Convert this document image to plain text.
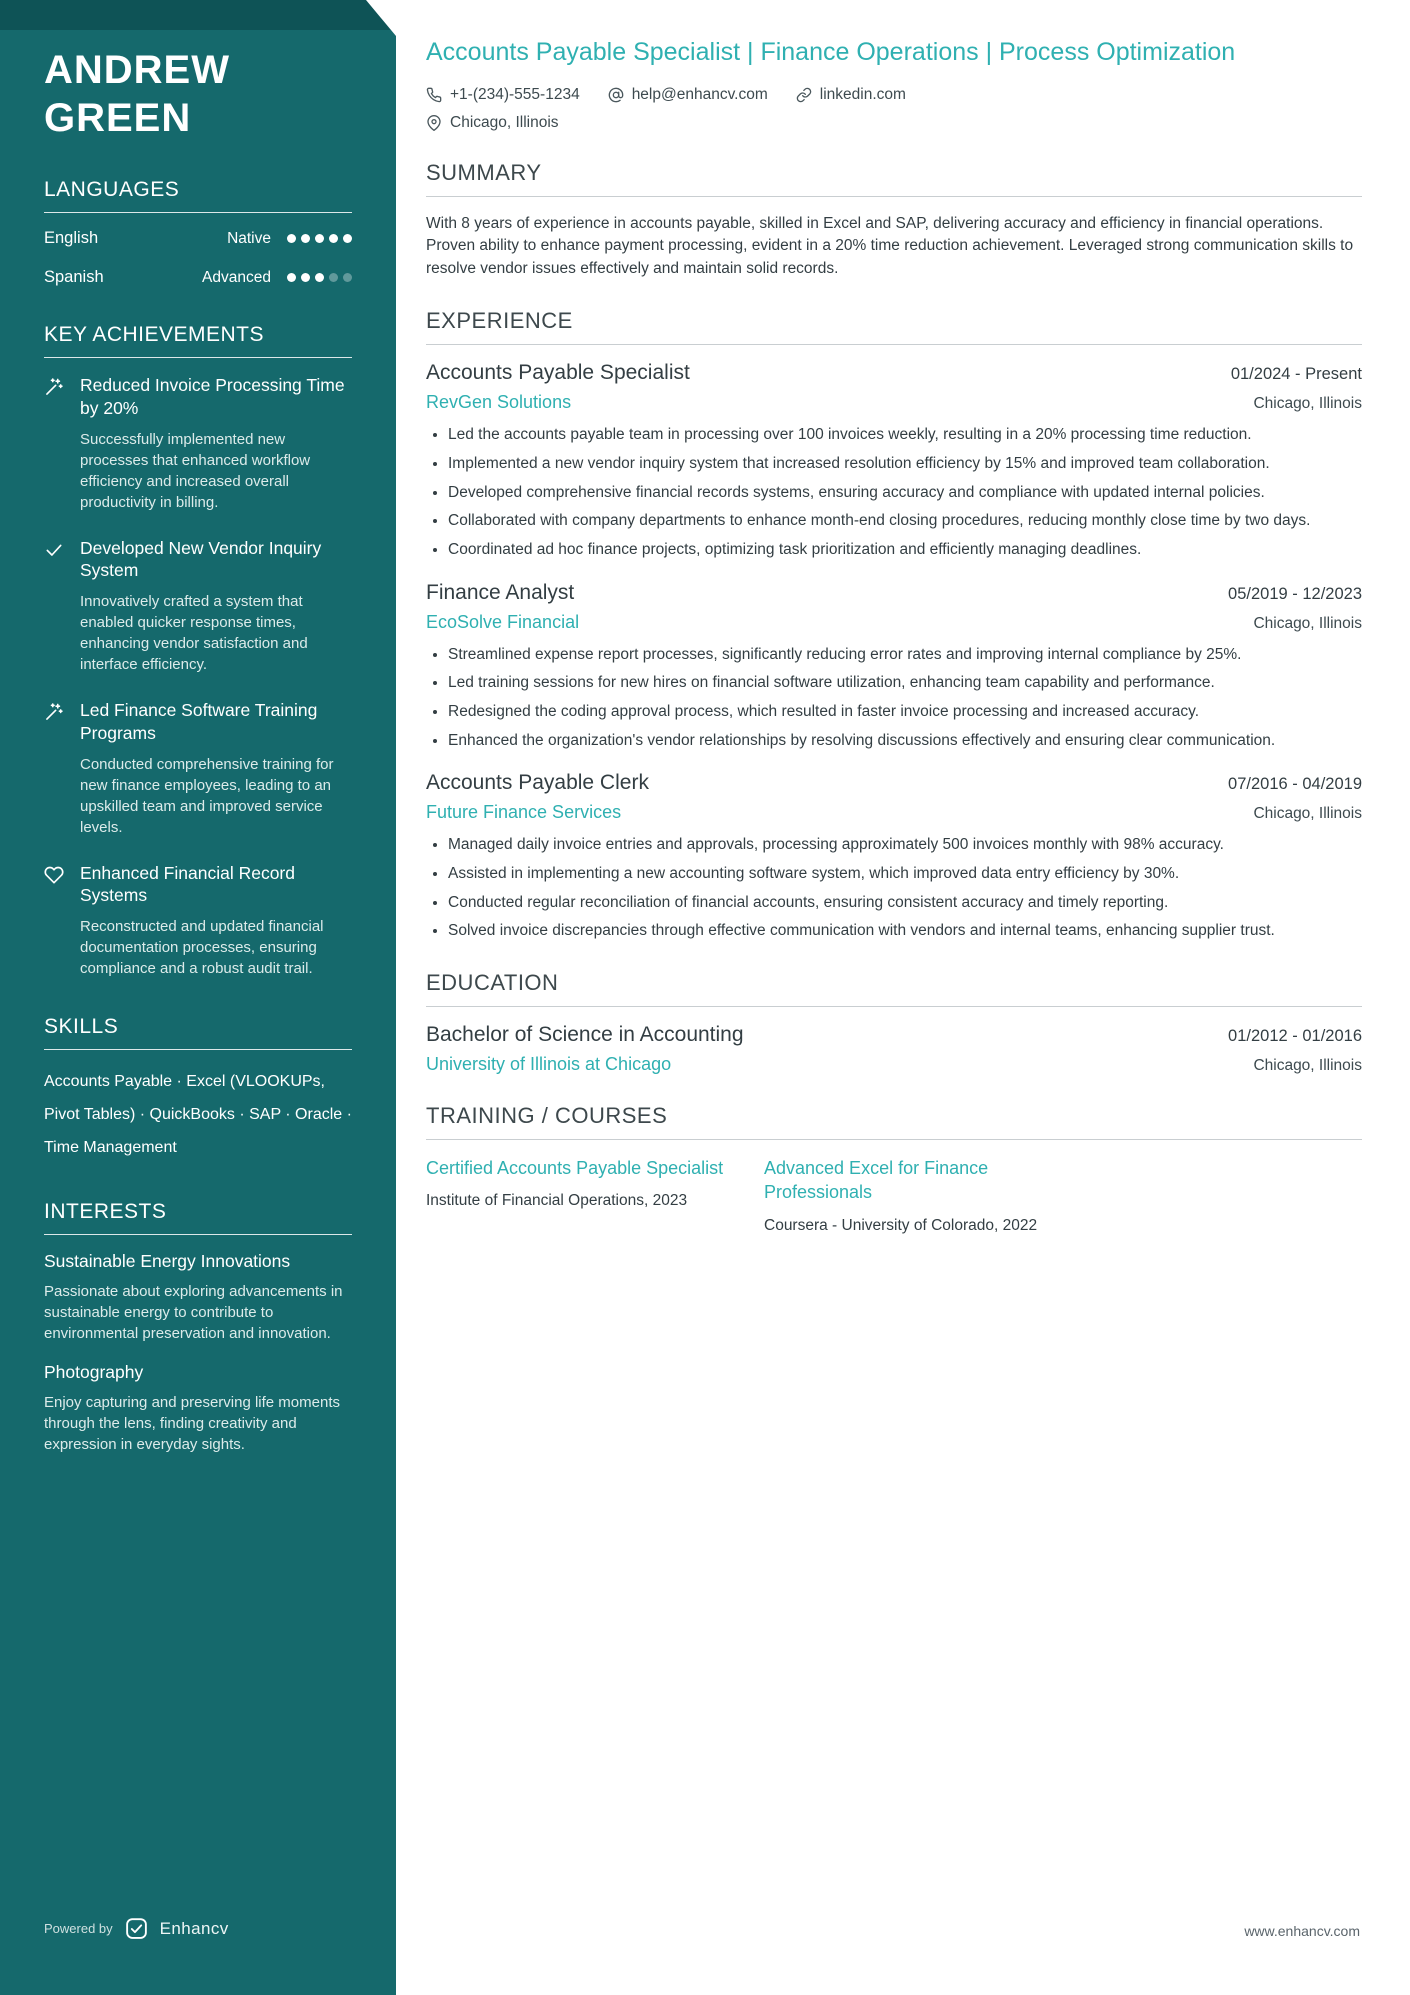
ANDREW GREEN
LANGUAGES
English	Native
Spanish	Advanced
KEY ACHIEVEMENTS
Reduced Invoice Processing Time by 20%

Successfully implemented new processes that enhanced workflow efficiency and increased overall productivity in billing.

Developed New Vendor Inquiry System

Innovatively crafted a system that enabled quicker response times, enhancing vendor satisfaction and interface efficiency.

Led Finance Software Training Programs

Conducted comprehensive training for new finance employees, leading to an upskilled team and improved service levels.

Enhanced Financial Record Systems

Reconstructed and updated financial documentation processes, ensuring compliance and a robust audit trail.

SKILLS

Accounts Payable · Excel (VLOOKUPs, Pivot Tables) · QuickBooks · SAP · Oracle · Time Management

INTERESTS
Sustainable Energy Innovations

Passionate about exploring advancements in sustainable energy to contribute to environmental preservation and innovation.

Photography

Enjoy capturing and preserving life moments through the lens, finding creativity and expression in everyday sights.

Powered by	Enhancv
Accounts Payable Specialist | Finance Operations | Process Optimization
+1-(234)-555-1234	help@enhancv.com	linkedin.com
Chicago, Illinois
SUMMARY

With 8 years of experience in accounts payable, skilled in Excel and SAP, delivering accuracy and efficiency in financial operations. Proven ability to enhance payment processing, evident in a 20% time reduction achievement. Leveraged strong communication skills to resolve vendor issues effectively and maintain solid records.

EXPERIENCE
Accounts Payable Specialist	01/2024 - Present
RevGen Solutions	Chicago, Illinois
• Led the accounts payable team in processing over 100 invoices weekly, resulting in a 20% processing time reduction.
• Implemented a new vendor inquiry system that increased resolution efficiency by 15% and improved team collaboration.
• Developed comprehensive financial records systems, ensuring accuracy and compliance with updated internal policies.
• Collaborated with company departments to enhance month-end closing procedures, reducing monthly close time by two days.
• Coordinated ad hoc finance projects, optimizing task prioritization and efficiently managing deadlines.
Finance Analyst	05/2019 - 12/2023
EcoSolve Financial	Chicago, Illinois
• Streamlined expense report processes, significantly reducing error rates and improving internal compliance by 25%.
• Led training sessions for new hires on financial software utilization, enhancing team capability and performance.
• Redesigned the coding approval process, which resulted in faster invoice processing and increased accuracy.
• Enhanced the organization's vendor relationships by resolving discussions effectively and ensuring clear communication.
Accounts Payable Clerk	07/2016 - 04/2019
Future Finance Services	Chicago, Illinois
• Managed daily invoice entries and approvals, processing approximately 500 invoices monthly with 98% accuracy.
• Assisted in implementing a new accounting software system, which improved data entry efficiency by 30%.
• Conducted regular reconciliation of financial accounts, ensuring consistent accuracy and timely reporting.
• Solved invoice discrepancies through effective communication with vendors and internal teams, enhancing supplier trust.
EDUCATION
Bachelor of Science in Accounting	01/2012 - 01/2016
University of Illinois at Chicago	Chicago, Illinois
TRAINING / COURSES
Certified Accounts Payable Specialist
Institute of Financial Operations, 2023
Advanced Excel for Finance Professionals
Coursera - University of Colorado, 2022
www.enhancv.com
